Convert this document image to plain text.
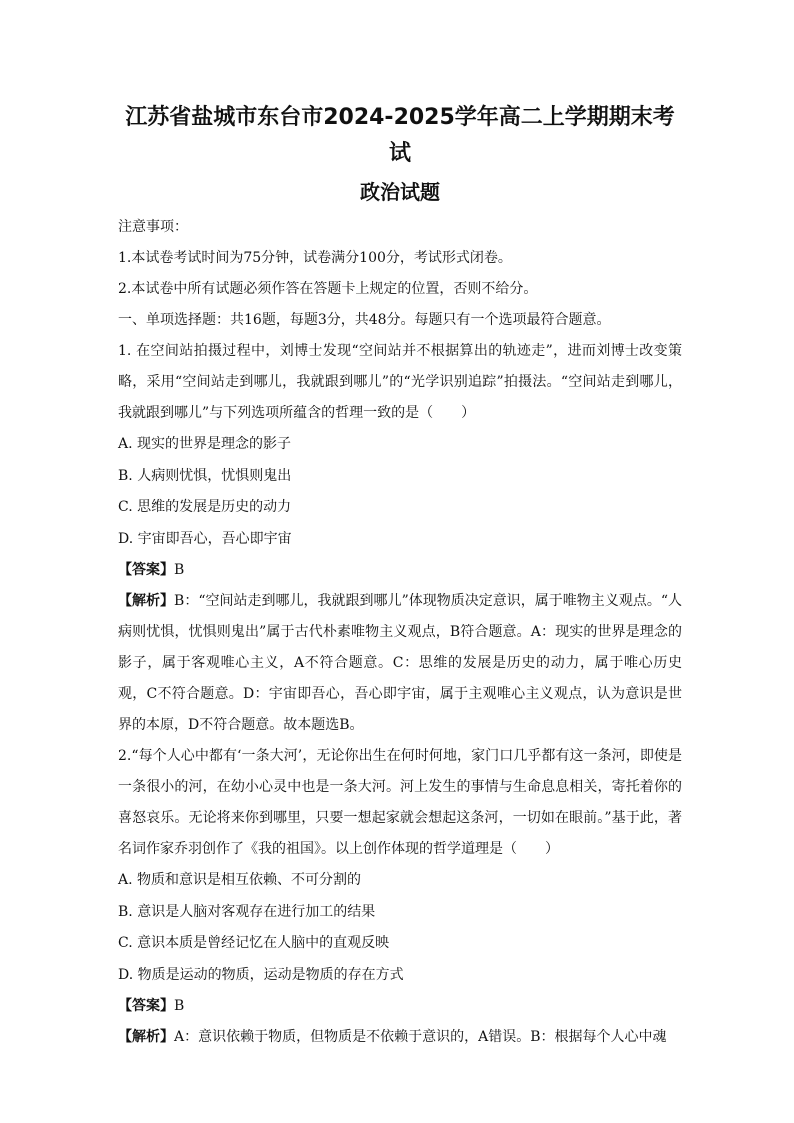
江苏省盐城市东台市2024-2025学年高二上学期期末考试
政治试题

注意事项：

1.本试卷考试时间为75分钟，试卷满分100分，考试形式闭卷。

2.本试卷中所有试题必须作答在答题卡上规定的位置，否则不给分。

一、单项选择题：共16题，每题3分，共48分。每题只有一个选项最符合题意。

1. 在空间站拍摄过程中，刘博士发现“空间站并不根据算出的轨迹走”，进而刘博士改变策略，采用“空间站走到哪儿，我就跟到哪儿”的“光学识别追踪”拍摄法。“空间站走到哪儿，我就跟到哪儿”与下列选项所蕴含的哲理一致的是（　　）

A. 现实的世界是理念的影子

B. 人病则忧惧，忧惧则鬼出

C. 思维的发展是历史的动力

D. 宇宙即吾心，吾心即宇宙

【答案】B

【解析】B：“空间站走到哪儿，我就跟到哪儿”体现物质决定意识，属于唯物主义观点。“人病则忧惧，忧惧则鬼出”属于古代朴素唯物主义观点，B符合题意。A：现实的世界是理念的影子，属于客观唯心主义，A不符合题意。C：思维的发展是历史的动力，属于唯心历史观，C不符合题意。D：宇宙即吾心，吾心即宇宙，属于主观唯心主义观点，认为意识是世界的本原，D不符合题意。故本题选B。

2.“每个人心中都有‘一条大河’，无论你出生在何时何地，家门口几乎都有这一条河，即使是一条很小的河，在幼小心灵中也是一条大河。河上发生的事情与生命息息相关，寄托着你的喜怒哀乐。无论将来你到哪里，只要一想起家就会想起这条河，一切如在眼前。”基于此，著名词作家乔羽创作了《我的祖国》。以上创作体现的哲学道理是（　　）

A. 物质和意识是相互依赖、不可分割的

B. 意识是人脑对客观存在进行加工的结果

C. 意识本质是曾经记忆在人脑中的直观反映

D. 物质是运动的物质，运动是物质的存在方式

【答案】B

【解析】A：意识依赖于物质，但物质是不依赖于意识的，A错误。B：根据每个人心中魂
